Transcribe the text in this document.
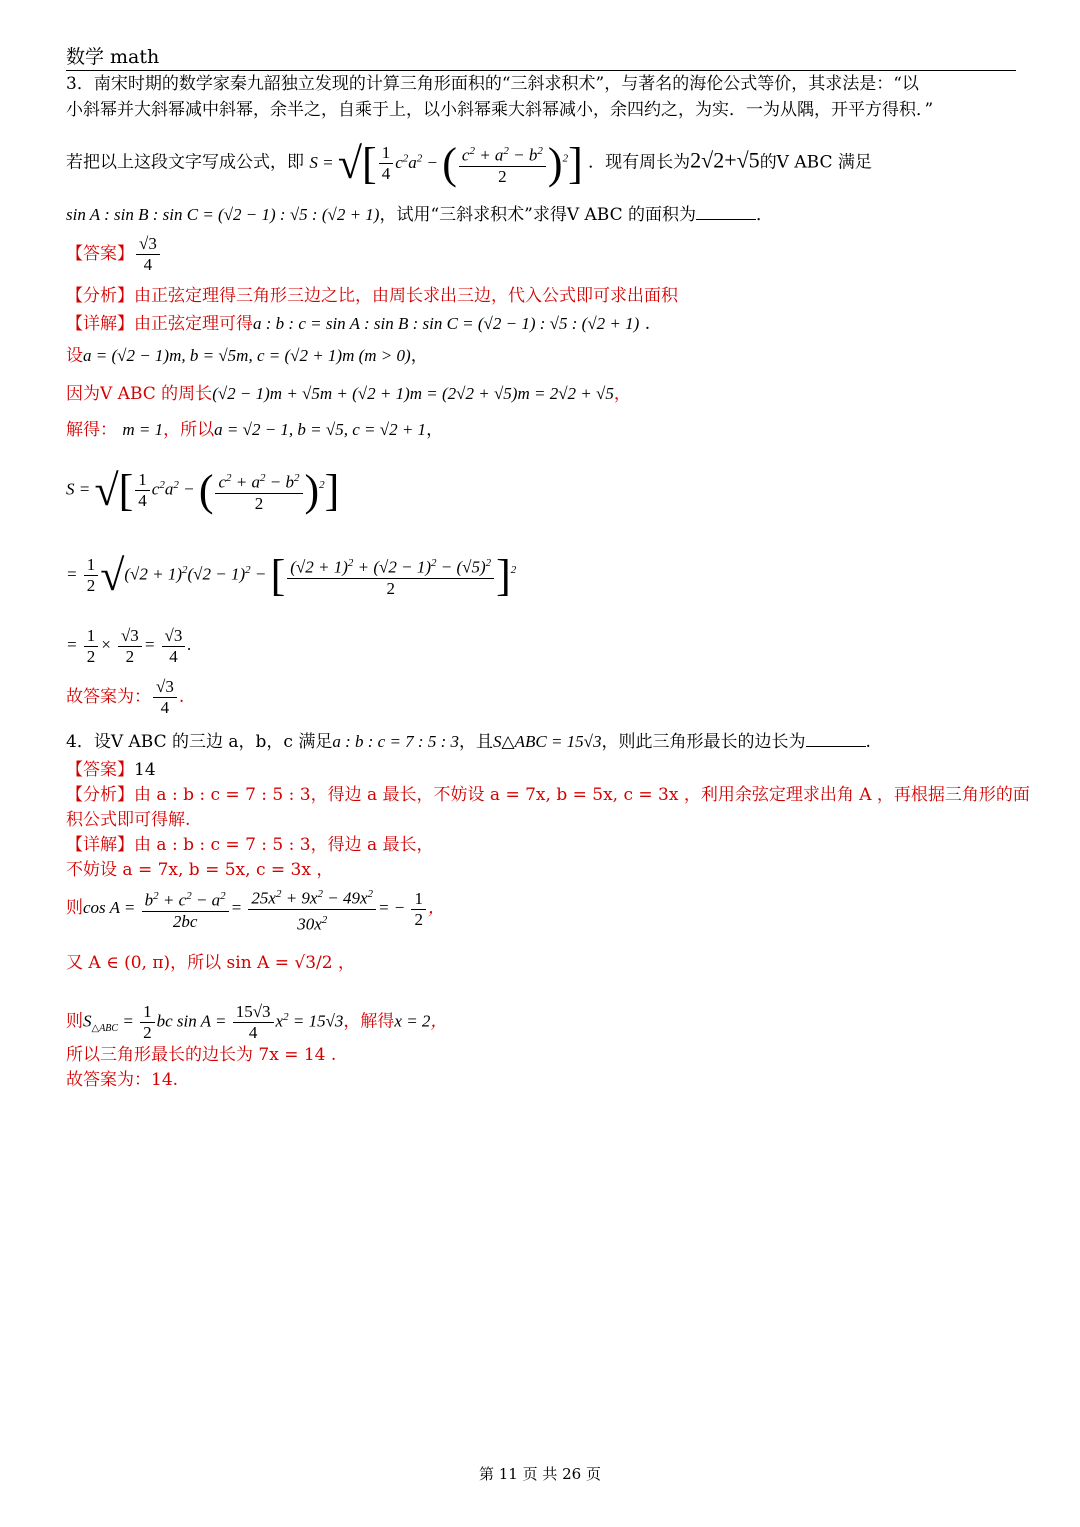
数学 math
3．南宋时期的数学家秦九韶独立发现的计算三角形面积的“三斜求积术”，与著名的海伦公式等价，其求法是：“以
小斜幂并大斜幂减中斜幂，余半之，自乘于上，以小斜幂乘大斜幂减小，余四约之，为实．一为从隅，开平方得积．”
若把以上这段文字写成公式，即 S = √[ $\frac{1}{4} c^2a^2$ − ( $\frac{c^2 + a^2 - b^2}{2} )^2$] ．现有周长为2√2+√5的V ABC 满足
sin A : sin B : sin C = (√2 − 1) : √5 : (√2 + 1)，试用“三斜求积术”求得V ABC 的面积为	．
【答案】 $\frac{√3}{4}$
【分析】由正弦定理得三角形三边之比，由周长求出三边，代入公式即可求出面积
【详解】由正弦定理可得a : b : c = sin A : sin B : sin C = (√2 − 1) : √5 : (√2 + 1) .
设a = (√2 − 1)m, b = √5m, c = (√2 + 1)m (m > 0)，
因为V ABC 的周长(√2 − 1)m + √5m + (√2 + 1)m = (2√2 + √5)m = 2√2 + √5，
解得： m = 1，所以a = √2 − 1, b = √5, c = √2 + 1，
S = √[ $\frac{1}{4} c^2a^2$ − ( $\frac{c^2 + a^2 - b^2}{2} )^2$]
= $\frac{1}{2} √(√2 + 1)^2(√2 - 1)^2$ − [ $\frac{(√2 + 1)^2 + (√2 - 1)^2 - (√5)^2}{2} ]^2$
= $\frac{1}{2} \times \frac{√3}{2} = \frac{√3}{4}$ .
故答案为： $\frac{√3}{4}$ .
4．设V ABC 的三边 a，b，c 满足a : b : c = 7 : 5 : 3，且S△ABC = 15√3，则此三角形最长的边长为	.
【答案】14
【分析】由 a : b : c = 7 : 5 : 3，得边 a 最长，不妨设 a = 7x, b = 5x, c = 3x ，利用余弦定理求出角 A ，再根据三角形的面
积公式即可得解.
【详解】由 a : b : c = 7 : 5 : 3，得边 a 最长，
不妨设 a = 7x, b = 5x, c = 3x ，
则$\cos A = \frac{b^2 + c^2 - a^2}{2bc} = \frac{25x^2 + 9x^2 - 49x^2}{30x^2}$ = − $\frac{1}{2}$ ，
又 A ∈ (0, π)，所以 sin A = √3/2 ，
则$S_{\triangle ABC} = \frac{1}{2}$ bc $\sin A = \frac{15√3}{4} x^2 = 15√3$，解得x = 2，
所以三角形最长的边长为 7x = 14 .
故答案为：14.
第 11 页 共 26 页
